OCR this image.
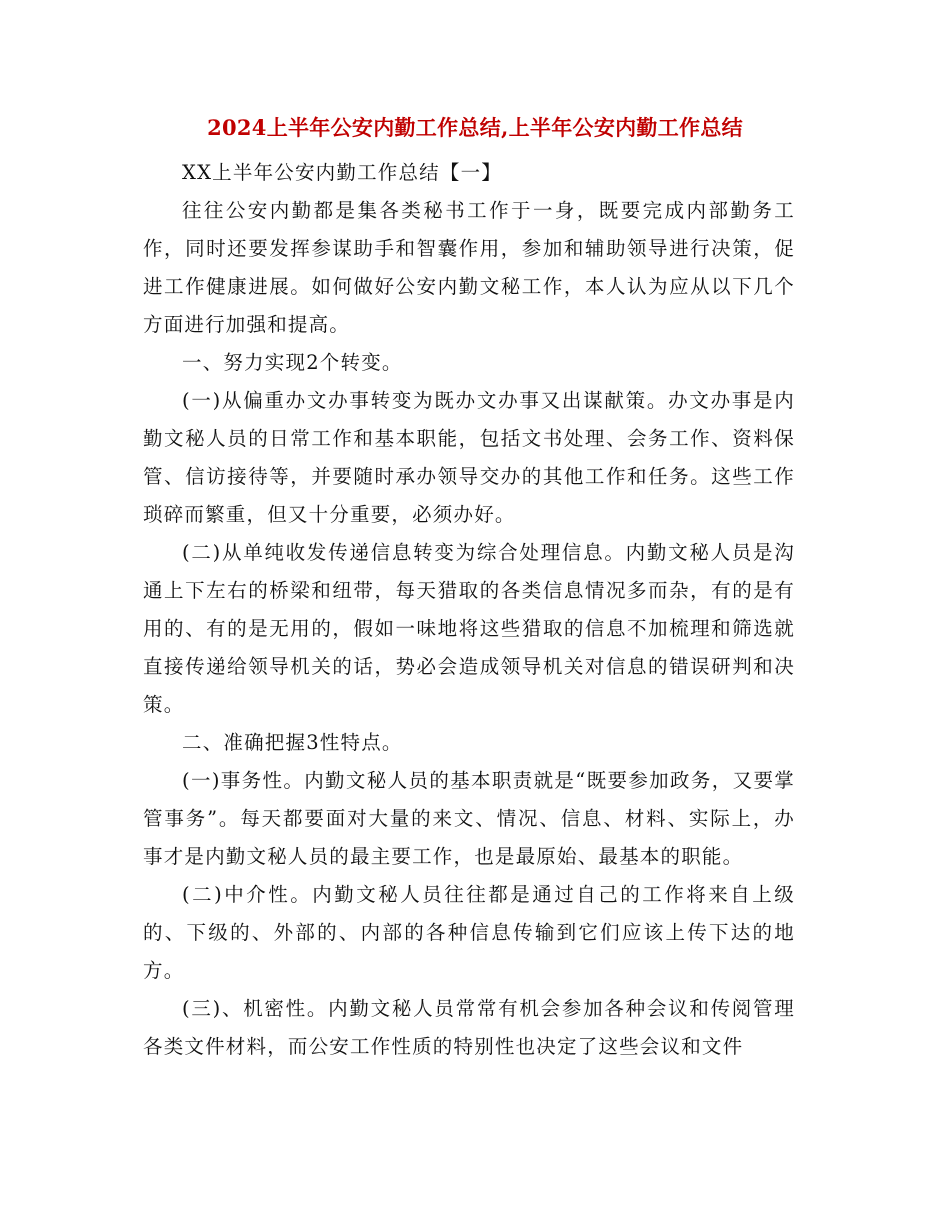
2024上半年公安内勤工作总结,上半年公安内勤工作总结

XX上半年公安内勤工作总结【一】

往往公安内勤都是集各类秘书工作于一身，既要完成内部勤务工作，同时还要发挥参谋助手和智囊作用，参加和辅助领导进行决策，促进工作健康进展。如何做好公安内勤文秘工作，本人认为应从以下几个方面进行加强和提高。

一、努力实现2个转变。

(一)从偏重办文办事转变为既办文办事又出谋献策。办文办事是内勤文秘人员的日常工作和基本职能，包括文书处理、会务工作、资料保管、信访接待等，并要随时承办领导交办的其他工作和任务。这些工作琐碎而繁重，但又十分重要，必须办好。

(二)从单纯收发传递信息转变为综合处理信息。内勤文秘人员是沟通上下左右的桥梁和纽带，每天猎取的各类信息情况多而杂，有的是有用的、有的是无用的，假如一味地将这些猎取的信息不加梳理和筛选就直接传递给领导机关的话，势必会造成领导机关对信息的错误研判和决策。

二、准确把握3性特点。

(一)事务性。内勤文秘人员的基本职责就是“既要参加政务，又要掌管事务”。每天都要面对大量的来文、情况、信息、材料、实际上，办事才是内勤文秘人员的最主要工作，也是最原始、最基本的职能。

(二)中介性。内勤文秘人员往往都是通过自己的工作将来自上级的、下级的、外部的、内部的各种信息传输到它们应该上传下达的地方。

(三)、机密性。内勤文秘人员常常有机会参加各种会议和传阅管理各类文件材料，而公安工作性质的特别性也决定了这些会议和文件
